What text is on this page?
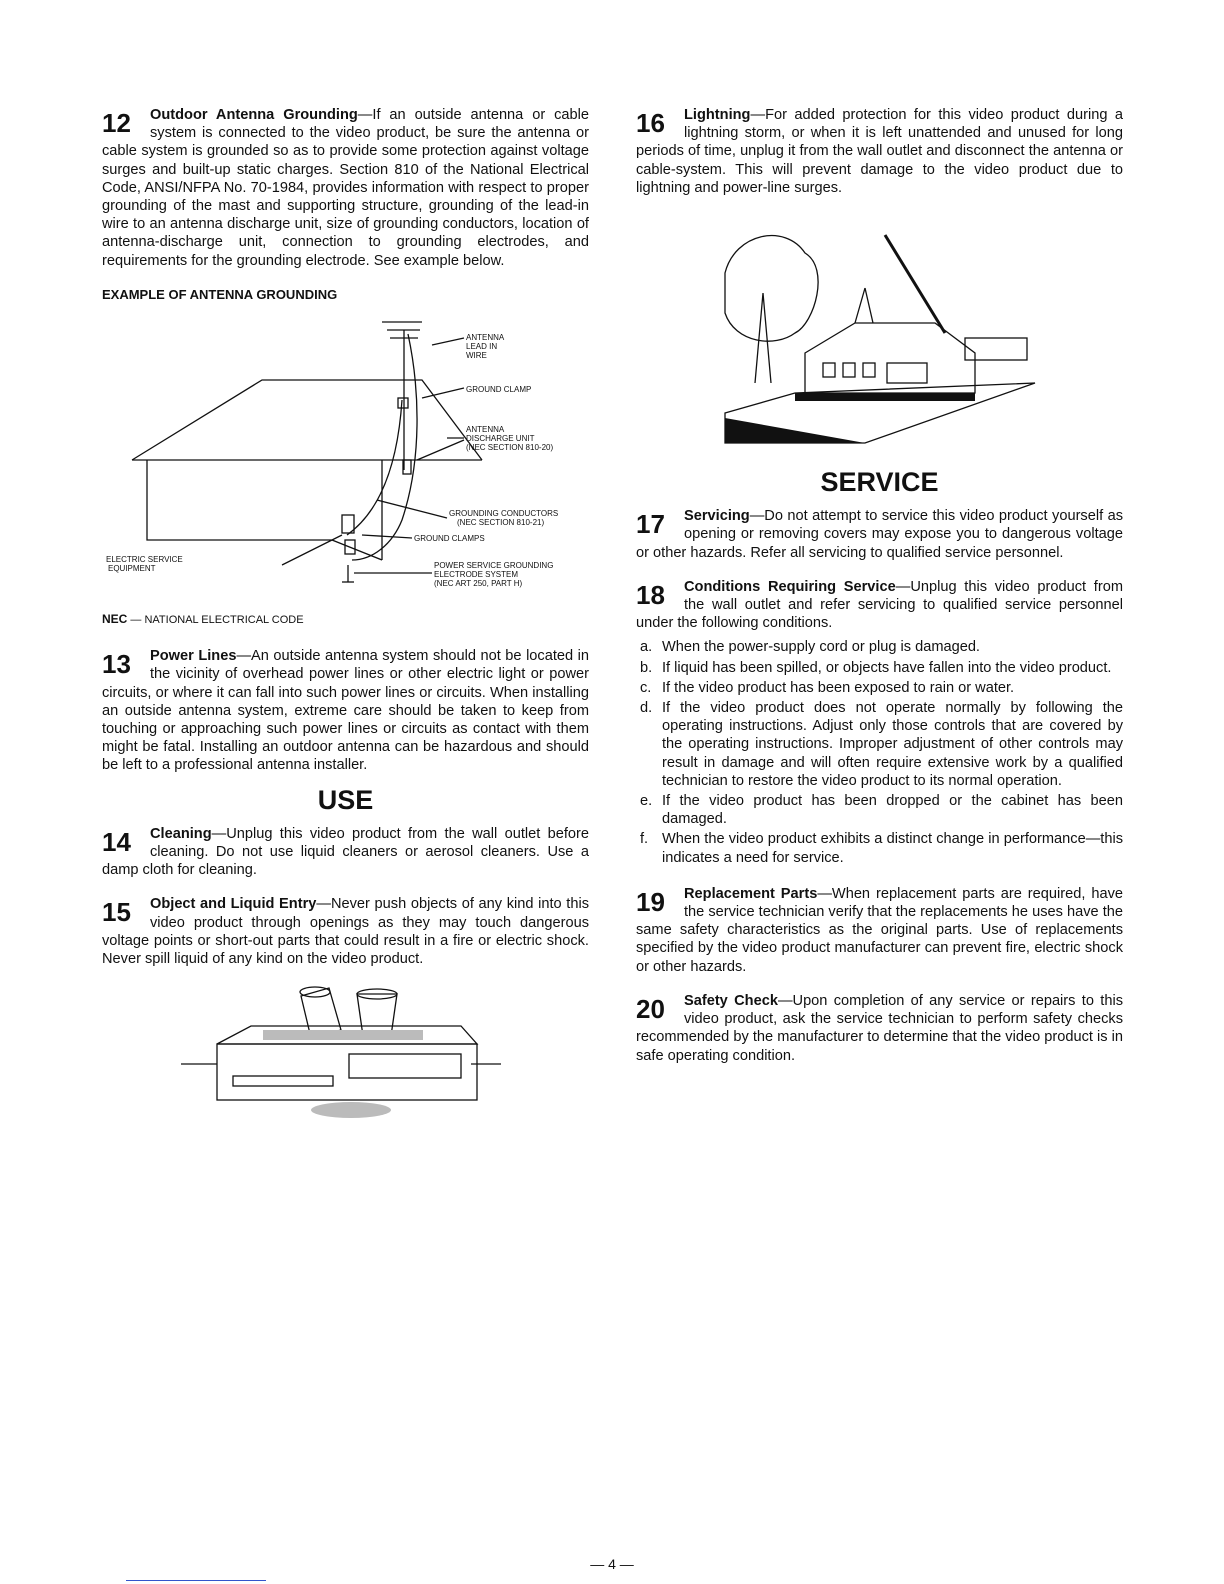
12	Outdoor Antenna Grounding—If an outside antenna or cable system is connected to the video product, be sure the antenna or cable system is grounded so as to provide some protection against voltage surges and built-up static charges. Section 810 of the National Electrical Code, ANSI/NFPA No. 70-1984, provides information with respect to proper grounding of the mast and supporting structure, grounding of the lead-in wire to an antenna discharge unit, size of grounding conductors, location of antenna-discharge unit, connection to grounding electrodes, and requirements for the grounding electrode. See example below.
EXAMPLE OF ANTENNA GROUNDING
ANTENNA
LEAD IN
WIRE
GROUND CLAMP
ANTENNA
DISCHARGE UNIT
(NEC SECTION 810-20)
GROUNDING CONDUCTORS
(NEC SECTION 810-21)
GROUND CLAMPS
ELECTRIC SERVICE
EQUIPMENT	POWER SERVICE GROUNDING
ELECTRODE SYSTEM
(NEC ART 250, PART H)
NEC — NATIONAL ELECTRICAL CODE
13	Power Lines—An outside antenna system should not be located in the vicinity of overhead power lines or other electric light or power circuits, or where it can fall into such power lines or circuits. When installing an outside antenna system, extreme care should be taken to keep from touching or approaching such power lines or circuits as contact with them might be fatal. Installing an outdoor antenna can be hazardous and should be left to a professional antenna installer.
USE
14	Cleaning—Unplug this video product from the wall outlet before cleaning. Do not use liquid cleaners or aerosol cleaners. Use a damp cloth for cleaning.
15	Object and Liquid Entry—Never push objects of any kind into this video product through openings as they may touch dangerous voltage points or short-out parts that could result in a fire or electric shock. Never spill liquid of any kind on the video product.
16	Lightning—For added protection for this video product during a lightning storm, or when it is left unattended and unused for long periods of time, unplug it from the wall outlet and disconnect the antenna or cable-system. This will prevent damage to the video product due to lightning and power-line surges.
SERVICE
17	Servicing—Do not attempt to service this video product yourself as opening or removing covers may expose you to dangerous voltage or other hazards. Refer all servicing to qualified service personnel.
18	Conditions Requiring Service—Unplug this video product from the wall outlet and refer servicing to qualified service personnel under the following conditions.
a. When the power-supply cord or plug is damaged.
b. If liquid has been spilled, or objects have fallen into the video product.
c. If the video product has been exposed to rain or water.
d. If the video product does not operate normally by following the operating instructions. Adjust only those controls that are covered by the operating instructions. Improper adjustment of other controls may result in damage and will often require extensive work by a qualified technician to restore the video product to its normal operation.
e. If the video product has been dropped or the cabinet has been damaged.
f. When the video product exhibits a distinct change in performance—this indicates a need for service.
19	Replacement Parts—When replacement parts are required, have the service technician verify that the replacements he uses have the same safety characteristics as the original parts. Use of replacements specified by the video product manufacturer can prevent fire, electric shock or other hazards.
20	Safety Check—Upon completion of any service or repairs to this video product, ask the service technician to perform safety checks recommended by the manufacturer to determine that the video product is in safe operating condition.
— 4 —
